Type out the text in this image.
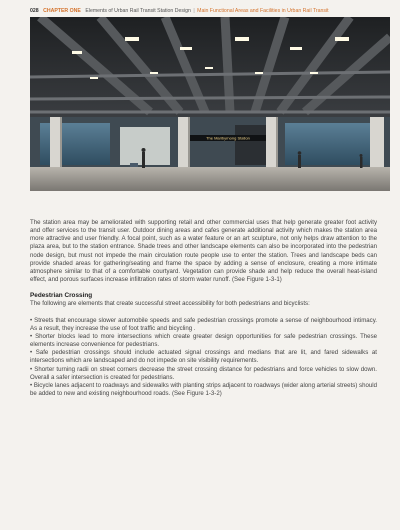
028 CHAPTER ONE Elements of Urban Rail Transit Station Design | Main Functional Areas and Facilities in Urban Rail Transit
The Maribyrnong Station

The station area may be ameliorated with supporting retail and other commercial uses that help generate greater foot activity and offer services to the transit user. Outdoor dining areas and cafes generate additional activity which makes the station area more attractive and user friendly. A focal point, such as a water feature or an art sculpture, not only helps draw attention to the plaza area, but to the station entrance. Shade trees and other landscape elements can also be incorporated into the pedestrian node design, but must not impede the main circulation route people use to enter the station. Trees and landscape beds can provide shaded areas for gathering/seating and frame the space by adding a sense of enclosure, creating a more intimate atmosphere similar to that of a comfortable courtyard. Vegetation can provide shade and help reduce the overall heat-island effect, and porous surfaces increase infiltration rates of storm water runoff. (See Figure 1-3-1)

Pedestrian Crossing

The following are elements that create successful street accessibility for both pedestrians and bicyclists:

• Streets that encourage slower automobile speeds and safe pedestrian crossings promote a sense of neighbourhood intimacy. As a result, they increase the use of foot traffic and bicycling .
• Shorter blocks lead to more intersections which create greater design opportunities for safe pedestrian crossings. These elements increase convenience for pedestrians.
• Safe pedestrian crossings should include actuated signal crossings and medians that are lit, and fared sidewalks at intersections which are landscaped and do not impede on site visibility requirements.
• Shorter turning radii on street corners decrease the street crossing distance for pedestrians and force vehicles to slow down. Overall a safer intersection is created for pedestrians.
• Bicycle lanes adjacent to roadways and sidewalks with planting strips adjacent to roadways (wider along arterial streets) should be added to new and existing neighbourhood roads. (See Figure 1-3-2)
